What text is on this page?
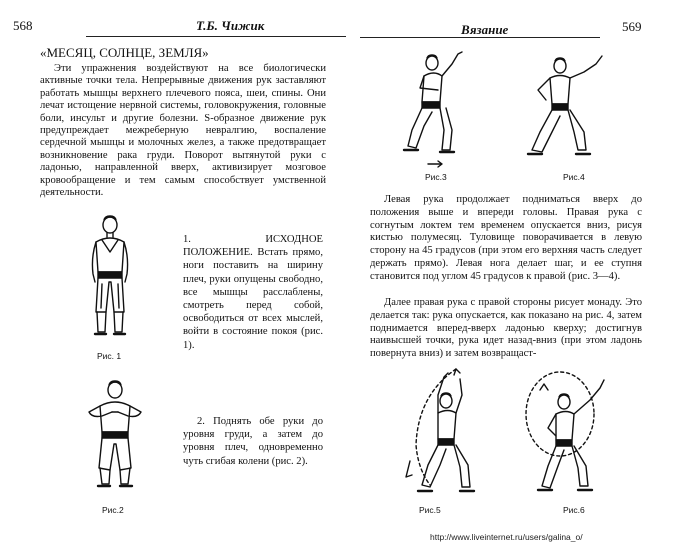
568	Т.Б. Чижик
«МЕСЯЦ, СОЛНЦЕ, ЗЕМЛЯ»

Эти упражнения воздействуют на все биологически активные точки тела. Непрерывные движения рук заставляют работать мышцы верхнего плечевого пояса, шеи, спины. Они лечат истощение нервной системы, головокружения, головные боли, инсульт и другие болезни. S-образное движение рук предупреждает межреберную невралгию, воспаление сердечной мышцы и молочных желез, а также предотвращает возникновение рака груди. Поворот вытянутой руки с ладонью, направленной вверх, активизирует мозговое кровообращение и тем самым способствует умственной деятельности.

Рис. 1

1. ИСХОДНОЕ ПОЛОЖЕНИЕ. Встать прямо, ноги поставить на ширину плеч, руки опущены свободно, все мышцы расслаблены, смотреть перед собой, освободиться от всех мыслей, войти в состояние покоя (рис. 1).

Рис.2

2. Поднять обе руки до уровня груди, а затем до уровня плеч, одновременно чуть сгибая колени (рис. 2).

Вязание	569
Рис.3	Рис.4

Левая рука продолжает подниматься вверх до положения выше и впереди головы. Правая рука с согнутым локтем тем временем опускается вниз, рисуя кистью полумесяц. Туловище поворачивается в левую сторону на 45 градусов (при этом его верхняя часть следует держать прямо). Левая нога делает шаг, и ее ступня становится под углом 45 градусов к правой (рис. 3—4).

Далее правая рука с правой стороны рисует монаду. Это делается так: рука опускается, как показано на рис. 4, затем поднимается вперед-вверх ладонью кверху; достигнув наивысшей точки, рука идет назад-вниз (при этом ладонь повернута вниз) и затем возвращаст-

Рис.5	Рис.6
http://www.liveinternet.ru/users/galina_o/
